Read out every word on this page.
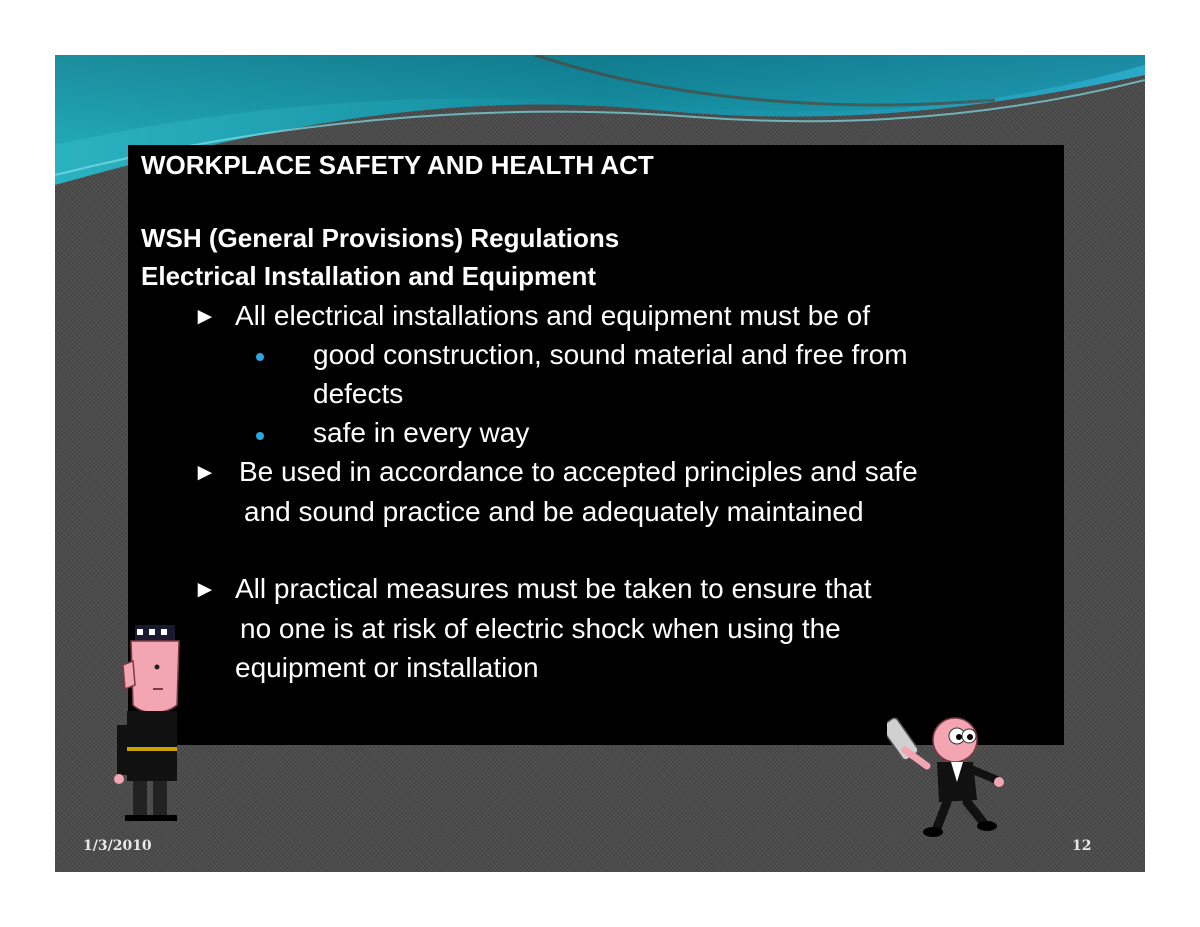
WORKPLACE SAFETY AND HEALTH ACT
WSH (General Provisions) Regulations
Electrical Installation and Equipment
► All electrical installations and equipment must be of
good construction, sound material and free from
defects
safe in every way
► Be used in accordance to accepted principles and safe
and sound practice and be adequately maintained
► All practical measures must be taken to ensure that
no one is at risk of electric shock when using the
equipment or installation
1/3/2010	12
